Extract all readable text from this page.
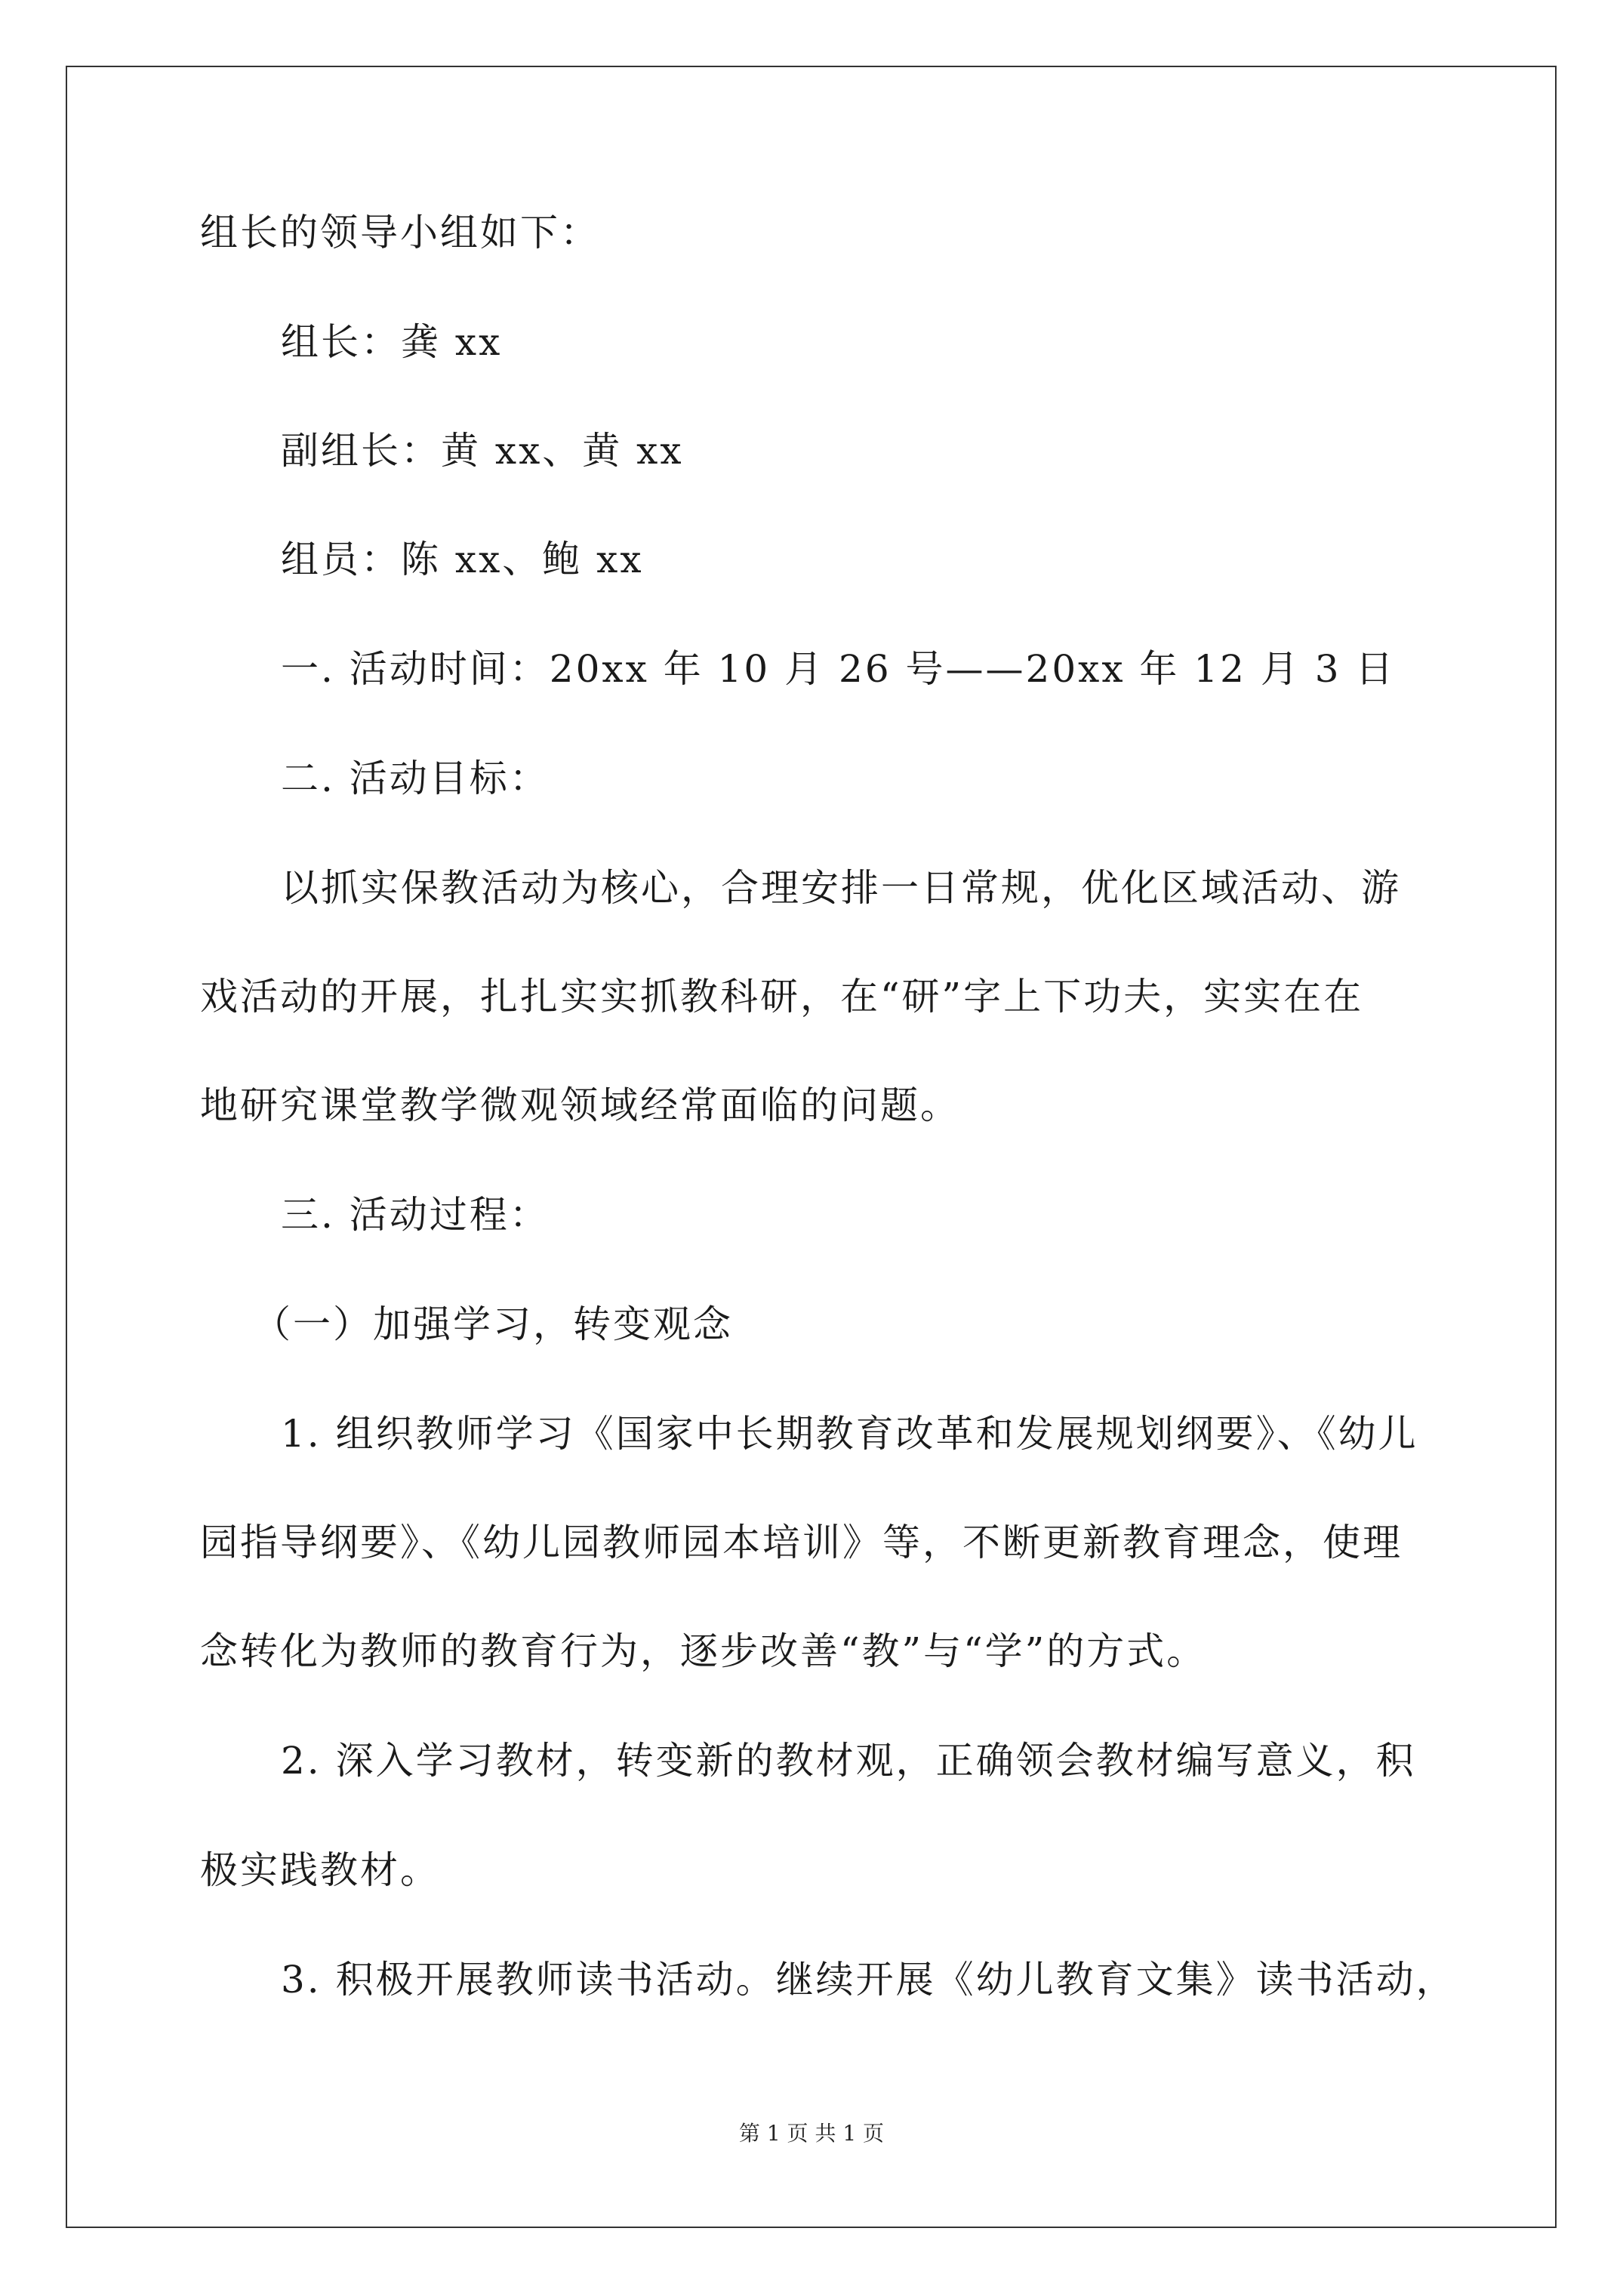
组长的领导小组如下：
组长：龚 xx
副组长：黄 xx、黄 xx
组员：陈 xx、鲍 xx
一. 活动时间：20xx 年 10 月 26 号——20xx 年 12 月 3 日
二. 活动目标：
以抓实保教活动为核心，合理安排一日常规，优化区域活动、游
戏活动的开展，扎扎实实抓教科研，在“研”字上下功夫，实实在在
地研究课堂教学微观领域经常面临的问题。
三. 活动过程：
（一）加强学习，转变观念
1. 组织教师学习《国家中长期教育改革和发展规划纲要》、《幼儿
园指导纲要》、《幼儿园教师园本培训》等，不断更新教育理念，使理
念转化为教师的教育行为，逐步改善“教”与“学”的方式。
2. 深入学习教材，转变新的教材观，正确领会教材编写意义，积
极实践教材。
3. 积极开展教师读书活动。继续开展《幼儿教育文集》读书活动，
第 1 页 共 1 页
